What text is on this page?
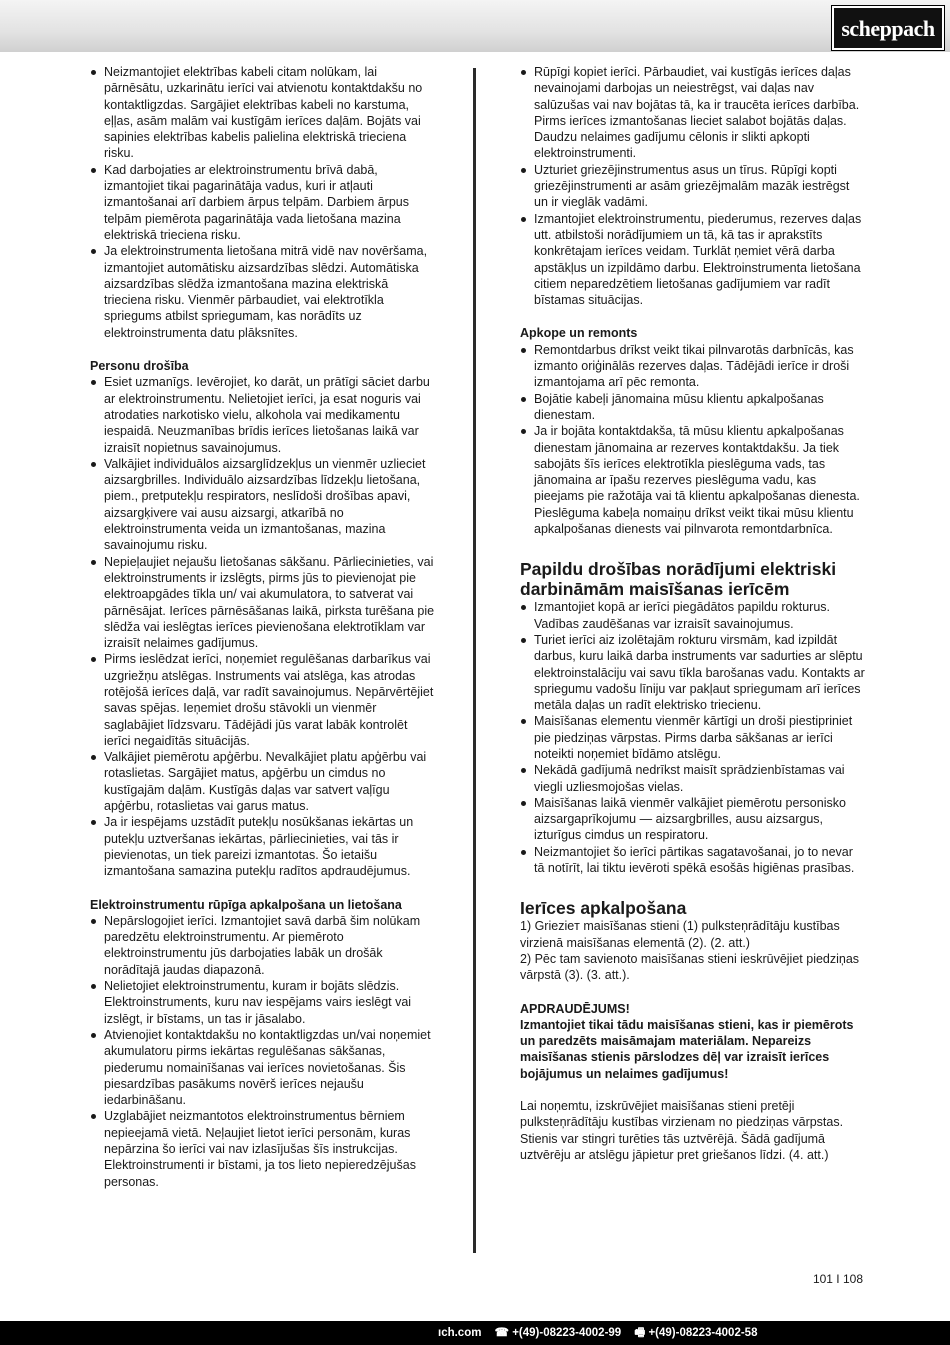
scheppach
Neizmantojiet elektrības kabeli citam nolūkam, lai pārnēsātu, uzkarinātu ierīci vai atvienotu kontaktdakšu no kontaktligzdas. Sargājiet elektrības kabeli no karstuma, eļļas, asām malām vai kustīgām ierīces daļām. Bojāts vai sapinies elektrības kabelis palielina elektriskā trieciena risku.
Kad darbojaties ar elektroinstrumentu brīvā dabā, izmantojiet tikai pagarinātāja vadus, kuri ir atļauti izmantošanai arī darbiem ārpus telpām. Darbiem ārpus telpām piemērota pagarinātāja vada lietošana mazina elektriskā trieciena risku.
Ja elektroinstrumenta lietošana mitrā vidē nav novēršama, izmantojiet automātisku aizsardzības slēdzi. Automātiska aizsardzības slēdža izmantošana mazina elektriskā trieciena risku. Vienmēr pārbaudiet, vai elektrotīkla spriegums atbilst spriegumam, kas norādīts uz elektroinstrumenta datu plāksnītes.

Personu drošība

Esiet uzmanīgs. Ievērojiet, ko darāt, un prātīgi sāciet darbu ar elektroinstrumentu. Nelietojiet ierīci, ja esat noguris vai atrodaties narkotisko vielu, alkohola vai medikamentu iespaidā. Neuzmanības brīdis ierīces lietošanas laikā var izraisīt nopietnus savainojumus.
Valkājiet individuālos aizsarglīdzekļus un vienmēr uzlieciet aizsargbrilles. Individuālo aizsardzības līdzekļu lietošana, piem., pretputekļu respirators, neslīdoši drošības apavi, aizsargķivere vai ausu aizsargi, atkarībā no elektroinstrumenta veida un izmantošanas, mazina savainojumu risku.
Nepieļaujiet nejaušu lietošanas sākšanu. Pārliecinieties, vai elektroinstruments ir izslēgts, pirms jūs to pievienojat pie elektroapgādes tīkla un/ vai akumulatora, to satverat vai pārnēsājat. Ierīces pārnēsāšanas laikā, pirksta turēšana pie slēdža vai ieslēgtas ierīces pievienošana elektrotīklam var izraisīt nelaimes gadījumus.
Pirms ieslēdzat ierīci, noņemiet regulēšanas darbarīkus vai uzgriežņu atslēgas. Instruments vai atslēga, kas atrodas rotējošā ierīces daļā, var radīt savainojumus. Nepārvērtējiet savas spējas. Ieņemiet drošu stāvokli un vienmēr saglabājiet līdzsvaru. Tādējādi jūs varat labāk kontrolēt ierīci negaidītās situācijās.
Valkājiet piemērotu apģērbu. Nevalkājiet platu apģērbu vai rotaslietas. Sargājiet matus, apģērbu un cimdus no kustīgajām daļām. Kustīgās daļas var satvert vaļīgu apģērbu, rotaslietas vai garus matus.
Ja ir iespējams uzstādīt putekļu nosūkšanas iekārtas un putekļu uztveršanas iekārtas, pārliecinieties, vai tās ir pievienotas, un tiek pareizi izmantotas. Šo ietaišu izmantošana samazina putekļu radītos apdraudējumus.

Elektroinstrumentu rūpīga apkalpošana un lietošana

Nepārslogojiet ierīci. Izmantojiet savā darbā šim nolūkam paredzētu elektroinstrumentu. Ar piemēroto elektroinstrumentu jūs darbojaties labāk un drošāk norādītajā jaudas diapazonā.
Nelietojiet elektroinstrumentu, kuram ir bojāts slēdzis. Elektroinstruments, kuru nav iespējams vairs ieslēgt vai izslēgt, ir bīstams, un tas ir jāsalabo.
Atvienojiet kontaktdakšu no kontaktligzdas un/vai noņemiet akumulatoru pirms iekārtas regulēšanas sākšanas, piederumu nomainīšanas vai ierīces novietošanas. Šis piesardzības pasākums novērš ierīces nejaušu iedarbināšanu.
Uzglabājiet neizmantotos elektroinstrumentus bērniem nepieejamā vietā. Neļaujiet lietot ierīci personām, kuras nepārzina šo ierīci vai nav izlasījušas šīs instrukcijas. Elektroinstrumenti ir bīstami, ja tos lieto nepieredzējušas personas.
Rūpīgi kopiet ierīci. Pārbaudiet, vai kustīgās ierīces daļas nevainojami darbojas un neiestrēgst, vai daļas nav salūzušas vai nav bojātas tā, ka ir traucēta ierīces darbība. Pirms ierīces izmantošanas lieciet salabot bojātās daļas. Daudzu nelaimes gadījumu cēlonis ir slikti apkopti elektroinstrumenti.
Uzturiet griezējinstrumentus asus un tīrus. Rūpīgi kopti griezējinstrumenti ar asām griezējmalām mazāk iestrēgst un ir vieglāk vadāmi.
Izmantojiet elektroinstrumentu, piederumus, rezerves daļas utt. atbilstoši norādījumiem un tā, kā tas ir aprakstīts konkrētajam ierīces veidam. Turklāt ņemiet vērā darba apstākļus un izpildāmo darbu. Elektroinstrumenta lietošana citiem neparedzētiem lietošanas gadījumiem var radīt bīstamas situācijas.

Apkope un remonts

Remontdarbus drīkst veikt tikai pilnvarotās darbnīcās, kas izmanto oriģinālās rezerves daļas. Tādējādi ierīce ir droši izmantojama arī pēc remonta.
Bojātie kabeļi jānomaina mūsu klientu apkalpošanas dienestam.
Ja ir bojāta kontaktdakša, tā mūsu klientu apkalpošanas dienestam jānomaina ar rezerves kontaktdakšu. Ja tiek sabojāts šīs ierīces elektrotīkla pieslēguma vads, tas jānomaina ar īpašu rezerves pieslēguma vadu, kas pieejams pie ražotāja vai tā klientu apkalpošanas dienesta. Pieslēguma kabeļa nomaiņu drīkst veikt tikai mūsu klientu apkalpošanas dienests vai pilnvarota remontdarbnīca.

Papildu drošības norādījumi elektriski darbināmām maisīšanas ierīcēm

Izmantojiet kopā ar ierīci piegādātos papildu rokturus. Vadības zaudēšanas var izraisīt savainojumus.
Turiet ierīci aiz izolētajām rokturu virsmām, kad izpildāt darbus, kuru laikā darba instruments var sadurties ar slēptu elektroinstalāciju vai savu tīkla barošanas vadu. Kontakts ar spriegumu vadošu līniju var pakļaut spriegumam arī ierīces metāla daļas un radīt elektrisko triecienu.
Maisīšanas elementu vienmēr kārtīgi un droši piestipriniet pie piedziņas vārpstas. Pirms darba sākšanas ar ierīci noteikti noņemiet bīdāmo atslēgu.
Nekādā gadījumā nedrīkst maisīt sprādzienbīstamas vai viegli uzliesmojošas vielas.
Maisīšanas laikā vienmēr valkājiet piemērotu personisko aizsargaprīkojumu — aizsargbrilles, ausu aizsargus, izturīgus cimdus un respiratoru.
Neizmantojiet šo ierīci pārtikas sagatavošanai, jo to nevar tā notīrīt, lai tiktu ievēroti spēkā esošās higiēnas prasības.

Ierīces apkalpošana

1) Griezieт maisīšanas stieni (1) pulksteņrādītāju kustības virzienā maisīšanas elementā (2). (2. att.)

2) Pēc tam savienoto maisīšanas stieni ieskrūvējiet piedziņas vārpstā (3). (3. att.).

APDRAUDĒJUMS!

Izmantojiet tikai tādu maisīšanas stieni, kas ir piemērots un paredzēts maisāmajam materiālam. Nepareizs maisīšanas stienis pārslodzes dēļ var izraisīt ierīces bojājumus un nelaimes gadījumus!

Lai noņemtu, izskrūvējiet maisīšanas stieni pretēji pulksteņrādītāju kustības virzienam no piedziņas vārpstas. Stienis var stingri turēties tās uztvērējā. Šādā gadījumā uztvērēju ar atslēgu jāpietur pret griešanos līdzi. (4. att.)

101 I 108
ıch.com ☎ +(49)-08223-4002-99 🖷 +(49)-08223-4002-58
